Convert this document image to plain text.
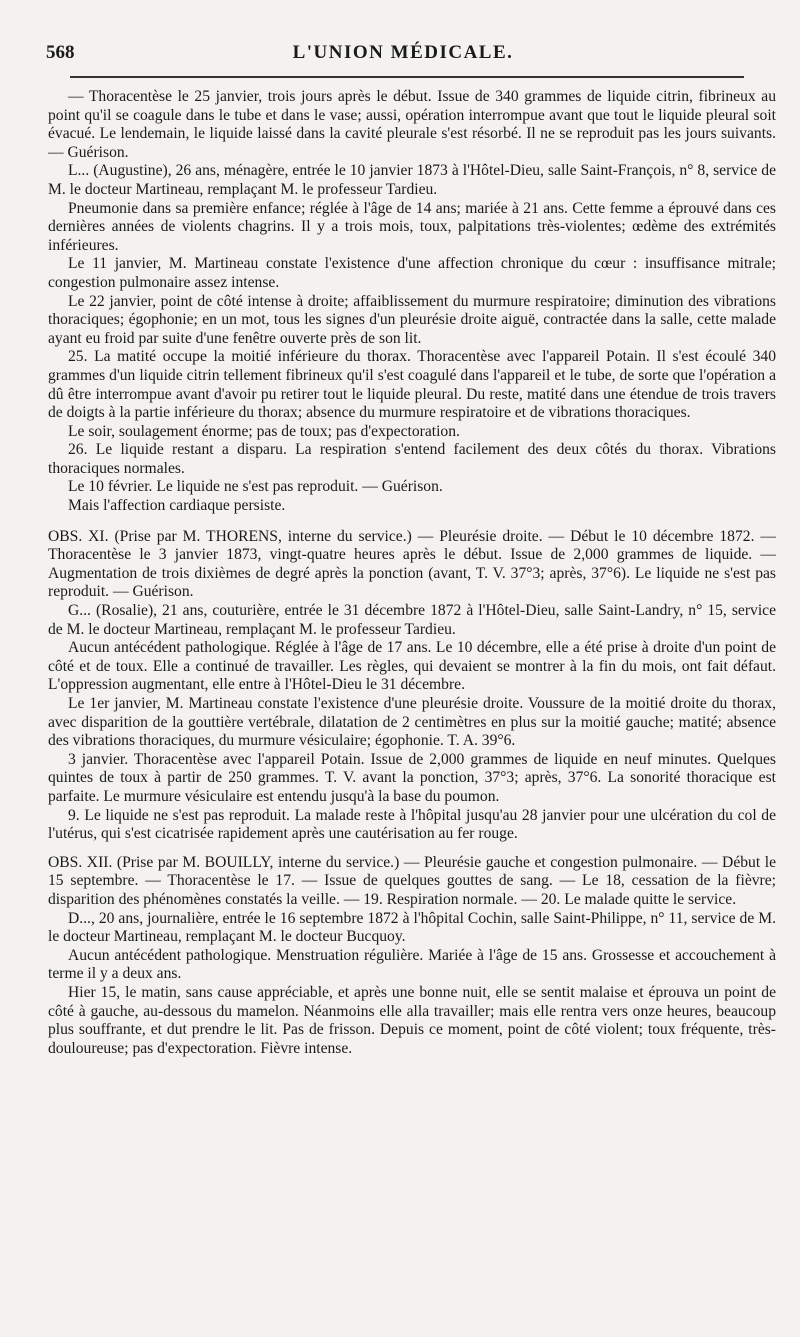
568	L'UNION MÉDICALE.

— Thoracentèse le 25 janvier, trois jours après le début. Issue de 340 grammes de liquide citrin, fibrineux au point qu'il se coagule dans le tube et dans le vase; aussi, opération interrompue avant que tout le liquide pleural soit évacué. Le lendemain, le liquide laissé dans la cavité pleurale s'est résorbé. Il ne se reproduit pas les jours suivants. — Guérison.

L... (Augustine), 26 ans, ménagère, entrée le 10 janvier 1873 à l'Hôtel-Dieu, salle Saint-François, n° 8, service de M. le docteur Martineau, remplaçant M. le professeur Tardieu.

Pneumonie dans sa première enfance; réglée à l'âge de 14 ans; mariée à 21 ans. Cette femme a éprouvé dans ces dernières années de violents chagrins. Il y a trois mois, toux, palpitations très-violentes; œdème des extrémités inférieures.

Le 11 janvier, M. Martineau constate l'existence d'une affection chronique du cœur : insuffisance mitrale; congestion pulmonaire assez intense.

Le 22 janvier, point de côté intense à droite; affaiblissement du murmure respiratoire; diminution des vibrations thoraciques; égophonie; en un mot, tous les signes d'un pleurésie droite aiguë, contractée dans la salle, cette malade ayant eu froid par suite d'une fenêtre ouverte près de son lit.

25. La matité occupe la moitié inférieure du thorax. Thoracentèse avec l'appareil Potain. Il s'est écoulé 340 grammes d'un liquide citrin tellement fibrineux qu'il s'est coagulé dans l'appareil et le tube, de sorte que l'opération a dû être interrompue avant d'avoir pu retirer tout le liquide pleural. Du reste, matité dans une étendue de trois travers de doigts à la partie inférieure du thorax; absence du murmure respiratoire et de vibrations thoraciques.

Le soir, soulagement énorme; pas de toux; pas d'expectoration.

26. Le liquide restant a disparu. La respiration s'entend facilement des deux côtés du thorax. Vibrations thoraciques normales.

Le 10 février. Le liquide ne s'est pas reproduit. — Guérison.

Mais l'affection cardiaque persiste.

OBS. XI. (Prise par M. THORENS, interne du service.) — Pleurésie droite. — Début le 10 décembre 1872. — Thoracentèse le 3 janvier 1873, vingt-quatre heures après le début. Issue de 2,000 grammes de liquide. — Augmentation de trois dixièmes de degré après la ponction (avant, T. V. 37°3; après, 37°6). Le liquide ne s'est pas reproduit. — Guérison.

G... (Rosalie), 21 ans, couturière, entrée le 31 décembre 1872 à l'Hôtel-Dieu, salle Saint-Landry, n° 15, service de M. le docteur Martineau, remplaçant M. le professeur Tardieu.

Aucun antécédent pathologique. Réglée à l'âge de 17 ans. Le 10 décembre, elle a été prise à droite d'un point de côté et de toux. Elle a continué de travailler. Les règles, qui devaient se montrer à la fin du mois, ont fait défaut. L'oppression augmentant, elle entre à l'Hôtel-Dieu le 31 décembre.

Le 1er janvier, M. Martineau constate l'existence d'une pleurésie droite. Voussure de la moitié droite du thorax, avec disparition de la gouttière vertébrale, dilatation de 2 centimètres en plus sur la moitié gauche; matité; absence des vibrations thoraciques, du murmure vésiculaire; égophonie. T. A. 39°6.

3 janvier. Thoracentèse avec l'appareil Potain. Issue de 2,000 grammes de liquide en neuf minutes. Quelques quintes de toux à partir de 250 grammes. T. V. avant la ponction, 37°3; après, 37°6. La sonorité thoracique est parfaite. Le murmure vésiculaire est entendu jusqu'à la base du poumon.

9. Le liquide ne s'est pas reproduit. La malade reste à l'hôpital jusqu'au 28 janvier pour une ulcération du col de l'utérus, qui s'est cicatrisée rapidement après une cautérisation au fer rouge.

OBS. XII. (Prise par M. BOUILLY, interne du service.) — Pleurésie gauche et congestion pulmonaire. — Début le 15 septembre. — Thoracentèse le 17. — Issue de quelques gouttes de sang. — Le 18, cessation de la fièvre; disparition des phénomènes constatés la veille. — 19. Respiration normale. — 20. Le malade quitte le service.

D..., 20 ans, journalière, entrée le 16 septembre 1872 à l'hôpital Cochin, salle Saint-Philippe, n° 11, service de M. le docteur Martineau, remplaçant M. le docteur Bucquoy.

Aucun antécédent pathologique. Menstruation régulière. Mariée à l'âge de 15 ans. Grossesse et accouchement à terme il y a deux ans.

Hier 15, le matin, sans cause appréciable, et après une bonne nuit, elle se sentit malaise et éprouva un point de côté à gauche, au-dessous du mamelon. Néanmoins elle alla travailler; mais elle rentra vers onze heures, beaucoup plus souffrante, et dut prendre le lit. Pas de frisson. Depuis ce moment, point de côté violent; toux fréquente, très-douloureuse; pas d'expectoration. Fièvre intense.
